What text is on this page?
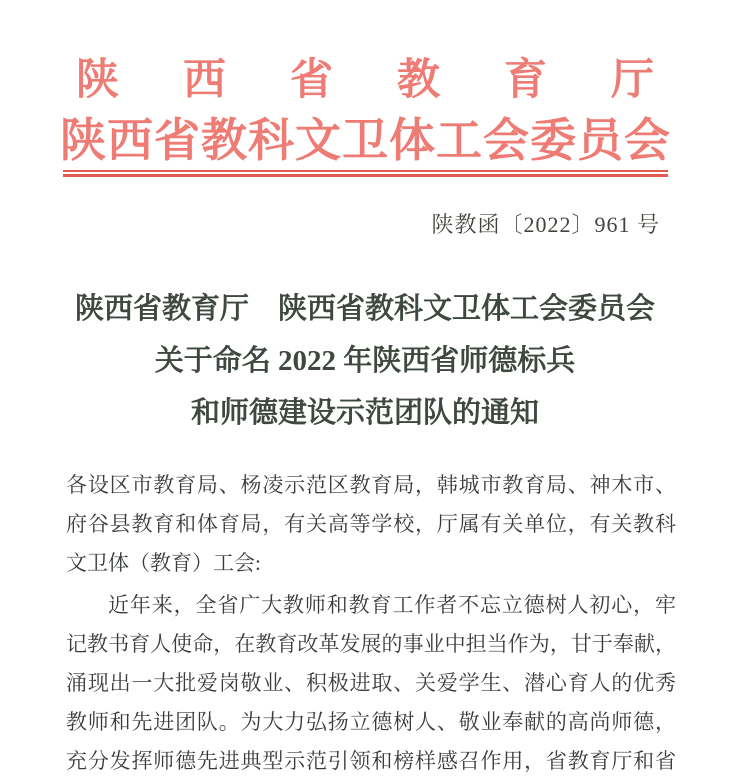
陕西省教育厅
陕西省教科文卫体工会委员会
陕教函〔2022〕961 号
陕西省教育厅　陕西省教科文卫体工会委员会
关于命名 2022 年陕西省师德标兵
和师德建设示范团队的通知

各设区市教育局、杨凌示范区教育局，韩城市教育局、神木市、
府谷县教育和体育局，有关高等学校，厅属有关单位，有关教科
文卫体（教育）工会:

近年来，全省广大教师和教育工作者不忘立德树人初心，牢
记教书育人使命，在教育改革发展的事业中担当作为，甘于奉献，
涌现出一大批爱岗敬业、积极进取、关爱学生、潜心育人的优秀
教师和先进团队。为大力弘扬立德树人、敬业奉献的高尚师德，
充分发挥师德先进典型示范引领和榜样感召作用，省教育厅和省
